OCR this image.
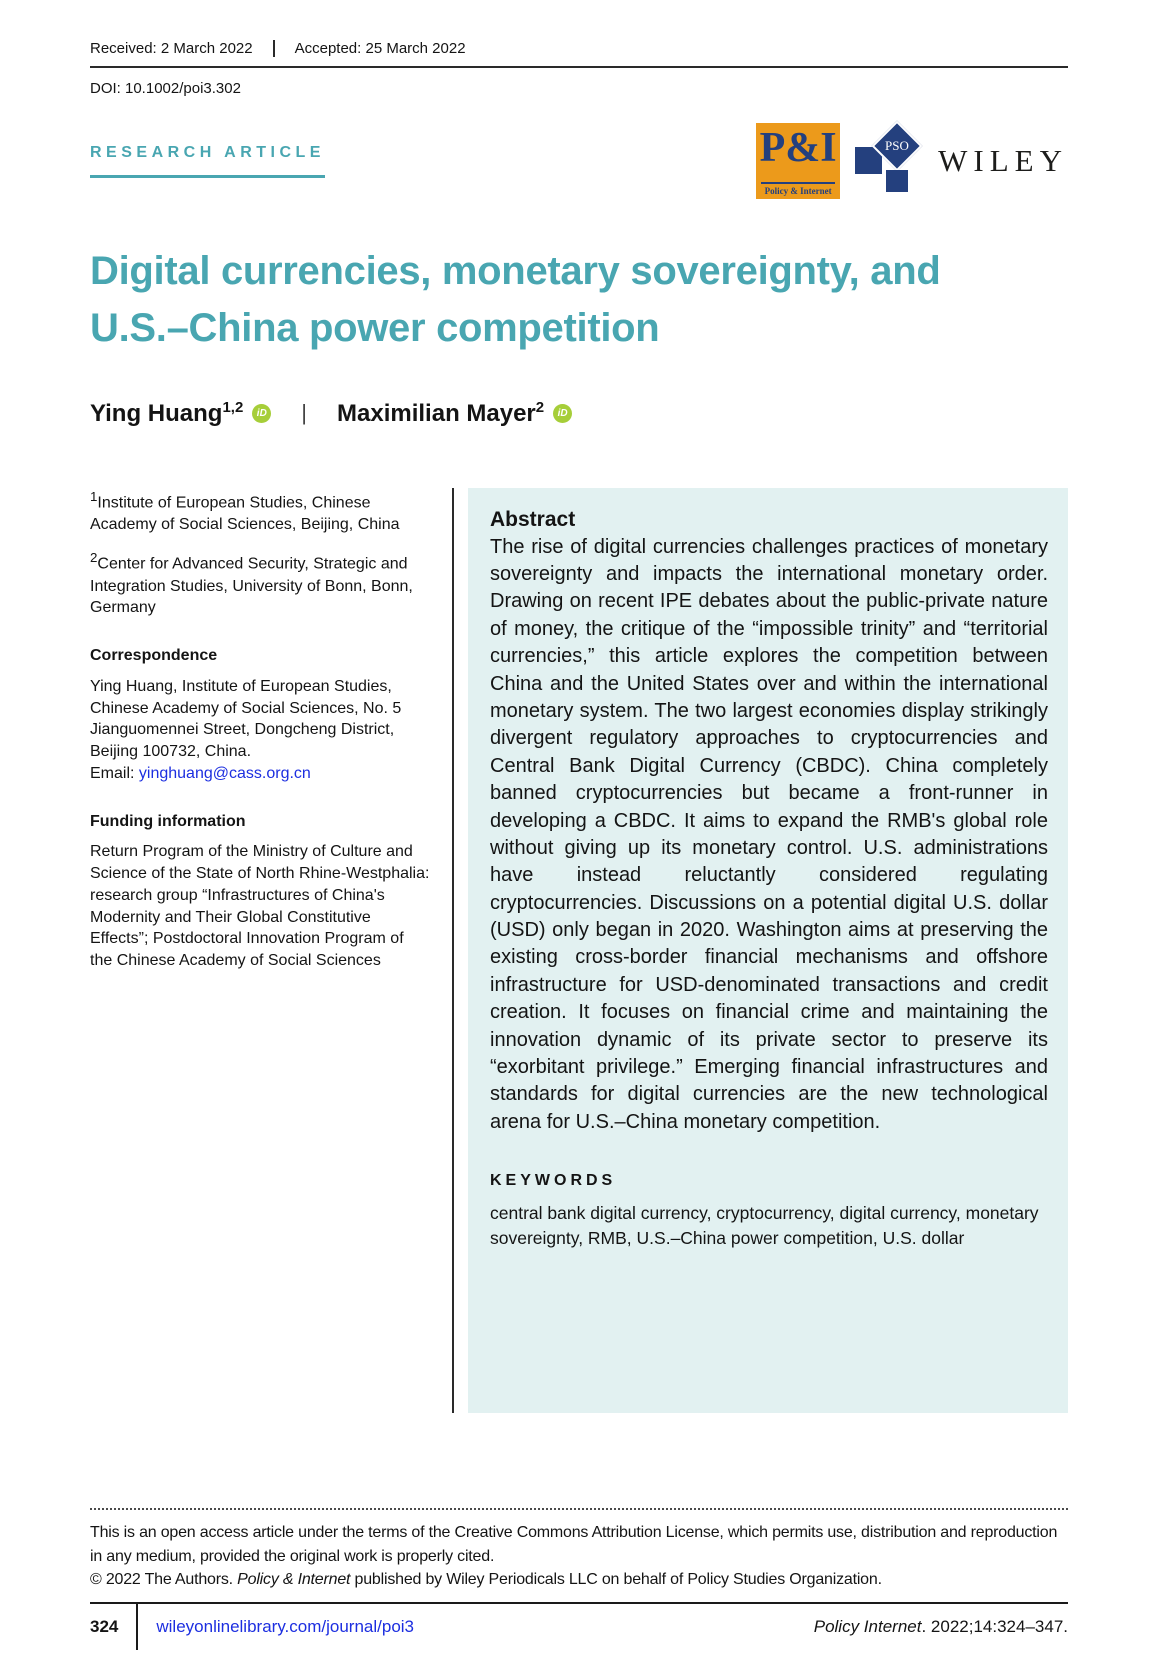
Received: 2 March 2022	Accepted: 25 March 2022
DOI: 10.1002/poi3.302
RESEARCH ARTICLE	P&I
Policy & Internet
PSO WILEY
Digital currencies, monetary sovereignty, and
U.S.–China power competition
Ying Huang$^{1,2}$	iD | Maximilian Mayer$^2$	iD

$^1$Institute of European Studies, Chinese Academy of Social Sciences, Beijing, China

$^2$Center for Advanced Security, Strategic and Integration Studies, University of Bonn, Bonn, Germany

Correspondence

Ying Huang, Institute of European Studies, Chinese Academy of Social Sciences, No. 5 Jianguomennei Street, Dongcheng District, Beijing 100732, China.

Email: yinghuang@cass.org.cn

Funding information

Return Program of the Ministry of Culture and Science of the State of North Rhine-Westphalia: research group “Infrastructures of China's Modernity and Their Global Constitutive Effects”; Postdoctoral Innovation Program of the Chinese Academy of Social Sciences

Abstract

The rise of digital currencies challenges practices of monetary sovereignty and impacts the international monetary order. Drawing on recent IPE debates about the public-private nature of money, the critique of the “impossible trinity” and “territorial currencies,” this article explores the competition between China and the United States over and within the international monetary system. The two largest economies display strikingly divergent regulatory approaches to cryptocurrencies and Central Bank Digital Currency (CBDC). China completely banned cryptocurrencies but became a front-runner in developing a CBDC. It aims to expand the RMB's global role without giving up its monetary control. U.S. administrations have instead reluctantly considered regulating cryptocurrencies. Discussions on a potential digital U.S. dollar (USD) only began in 2020. Washington aims at preserving the existing cross-border financial mechanisms and offshore infrastructure for USD-denominated transactions and credit creation. It focuses on financial crime and maintaining the innovation dynamic of its private sector to preserve its “exorbitant privilege.” Emerging financial infrastructures and standards for digital currencies are the new technological arena for U.S.–China monetary competition.

KEYWORDS
central bank digital currency, cryptocurrency, digital currency, monetary sovereignty, RMB, U.S.–China power competition, U.S. dollar

This is an open access article under the terms of the Creative Commons Attribution License, which permits use, distribution and reproduction in any medium, provided the original work is properly cited.

© 2022 The Authors. Policy & Internet published by Wiley Periodicals LLC on behalf of Policy Studies Organization.

324	wileyonlinelibrary.com/journal/poi3	Policy Internet. 2022;14:324–347.
